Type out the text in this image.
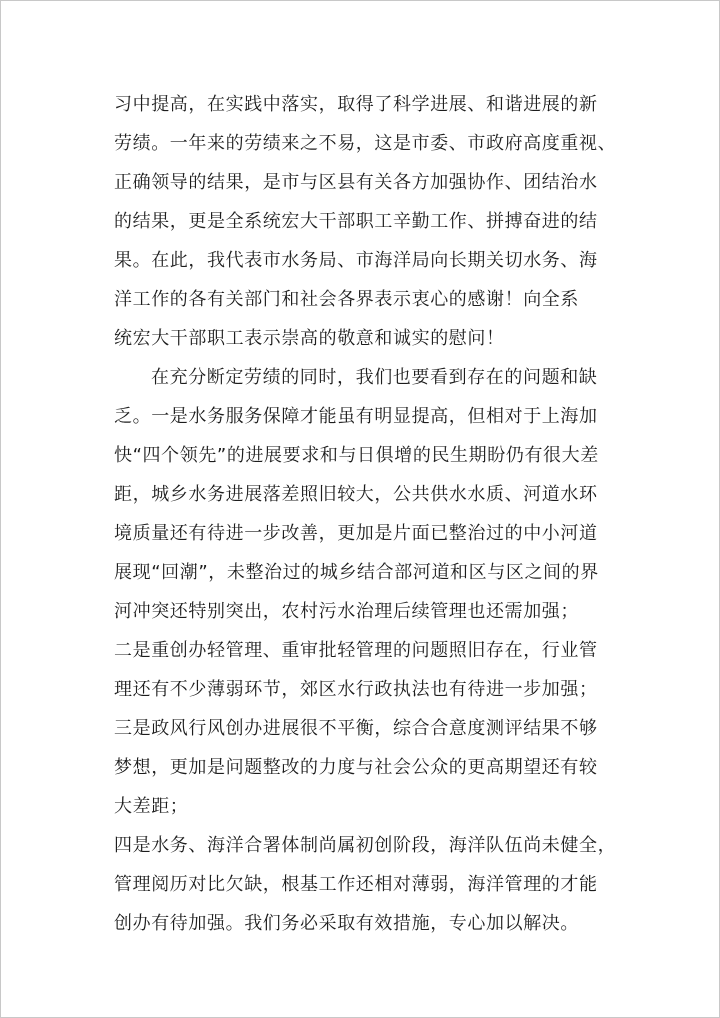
习中提高，在实践中落实，取得了科学进展、和谐进展的新
劳绩。一年来的劳绩来之不易，这是市委、市政府高度重视、
正确领导的结果，是市与区县有关各方加强协作、团结治水
的结果，更是全系统宏大干部职工辛勤工作、拼搏奋进的结
果。在此，我代表市水务局、市海洋局向长期关切水务、海
洋工作的各有关部门和社会各界表示衷心的感谢！向全系
统宏大干部职工表示崇高的敬意和诚实的慰问！
在充分断定劳绩的同时，我们也要看到存在的问题和缺
乏。一是水务服务保障才能虽有明显提高，但相对于上海加
快“四个领先”的进展要求和与日俱增的民生期盼仍有很大差
距，城乡水务进展落差照旧较大，公共供水水质、河道水环
境质量还有待进一步改善，更加是片面已整治过的中小河道
展现“回潮”，未整治过的城乡结合部河道和区与区之间的界
河冲突还特别突出，农村污水治理后续管理也还需加强；
二是重创办轻管理、重审批轻管理的问题照旧存在，行业管
理还有不少薄弱环节，郊区水行政执法也有待进一步加强；
三是政风行风创办进展很不平衡，综合合意度测评结果不够
梦想，更加是问题整改的力度与社会公众的更高期望还有较
大差距；
四是水务、海洋合署体制尚属初创阶段，海洋队伍尚未健全，
管理阅历对比欠缺，根基工作还相对薄弱，海洋管理的才能
创办有待加强。我们务必采取有效措施，专心加以解决。
